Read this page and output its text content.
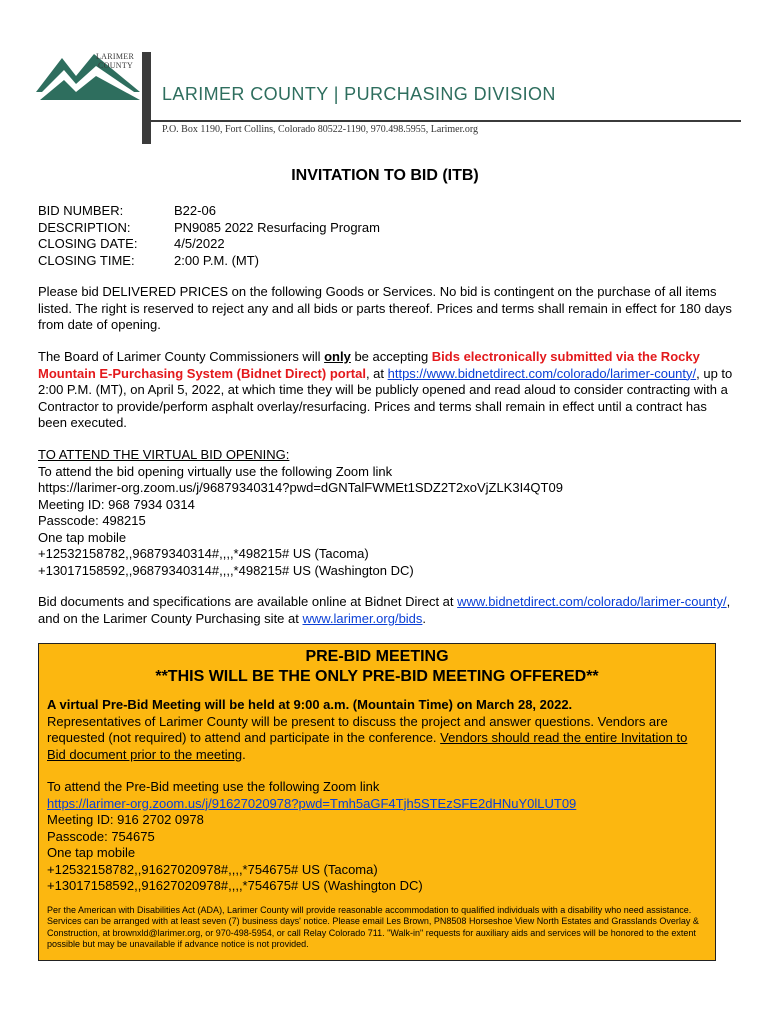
LARIMER
COUNTY
LARIMER COUNTY | PURCHASING DIVISION
P.O. Box 1190, Fort Collins, Colorado 80522-1190, 970.498.5955, Larimer.org
INVITATION TO BID (ITB)
BID NUMBER:	B22-06
DESCRIPTION:	PN9085 2022 Resurfacing Program
CLOSING DATE:	4/5/2022
CLOSING TIME:	2:00 P.M. (MT)
Please bid DELIVERED PRICES on the following Goods or Services. No bid is contingent on the purchase of all items listed. The right is reserved to reject any and all bids or parts thereof. Prices and terms shall remain in effect for 180 days from date of opening.
The Board of Larimer County Commissioners will only be accepting Bids electronically submitted via the Rocky Mountain E-Purchasing System (Bidnet Direct) portal, at https://www.bidnetdirect.com/colorado/larimer-county/, up to 2:00 P.M. (MT), on April 5, 2022, at which time they will be publicly opened and read aloud to consider contracting with a Contractor to provide/perform asphalt overlay/resurfacing. Prices and terms shall remain in effect until a contract has been executed.
TO ATTEND THE VIRTUAL BID OPENING:
To attend the bid opening virtually use the following Zoom link
https://larimer-org.zoom.us/j/96879340314?pwd=dGNTalFWMEt1SDZ2T2xoVjZLK3I4QT09
Meeting ID: 968 7934 0314
Passcode: 498215
One tap mobile
+12532158782,,96879340314#,,,,*498215# US (Tacoma)
+13017158592,,96879340314#,,,,*498215# US (Washington DC)
Bid documents and specifications are available online at Bidnet Direct at www.bidnetdirect.com/colorado/larimer-county/, and on the Larimer County Purchasing site at www.larimer.org/bids.
PRE-BID MEETING
**THIS WILL BE THE ONLY PRE-BID MEETING OFFERED**

A virtual Pre-Bid Meeting will be held at 9:00 a.m. (Mountain Time) on March 28, 2022.

Representatives of Larimer County will be present to discuss the project and answer questions. Vendors are requested (not required) to attend and participate in the conference. Vendors should read the entire Invitation to Bid document prior to the meeting.

To attend the Pre-Bid meeting use the following Zoom link

https://larimer-org.zoom.us/j/91627020978?pwd=Tmh5aGF4Tjh5STEzSFE2dHNuY0lLUT09

Meeting ID: 916 2702 0978

Passcode: 754675

One tap mobile

+12532158782,,91627020978#,,,,*754675# US (Tacoma)

+13017158592,,91627020978#,,,,*754675# US (Washington DC)

Per the American with Disabilities Act (ADA), Larimer County will provide reasonable accommodation to qualified individuals with a disability who need assistance. Services can be arranged with at least seven (7) business days' notice. Please email Les Brown, PN8508 Horseshoe View North Estates and Grasslands Overlay & Construction, at brownxld@larimer.org, or 970-498-5954, or call Relay Colorado 711. "Walk-in" requests for auxiliary aids and services will be honored to the extent possible but may be unavailable if advance notice is not provided.
